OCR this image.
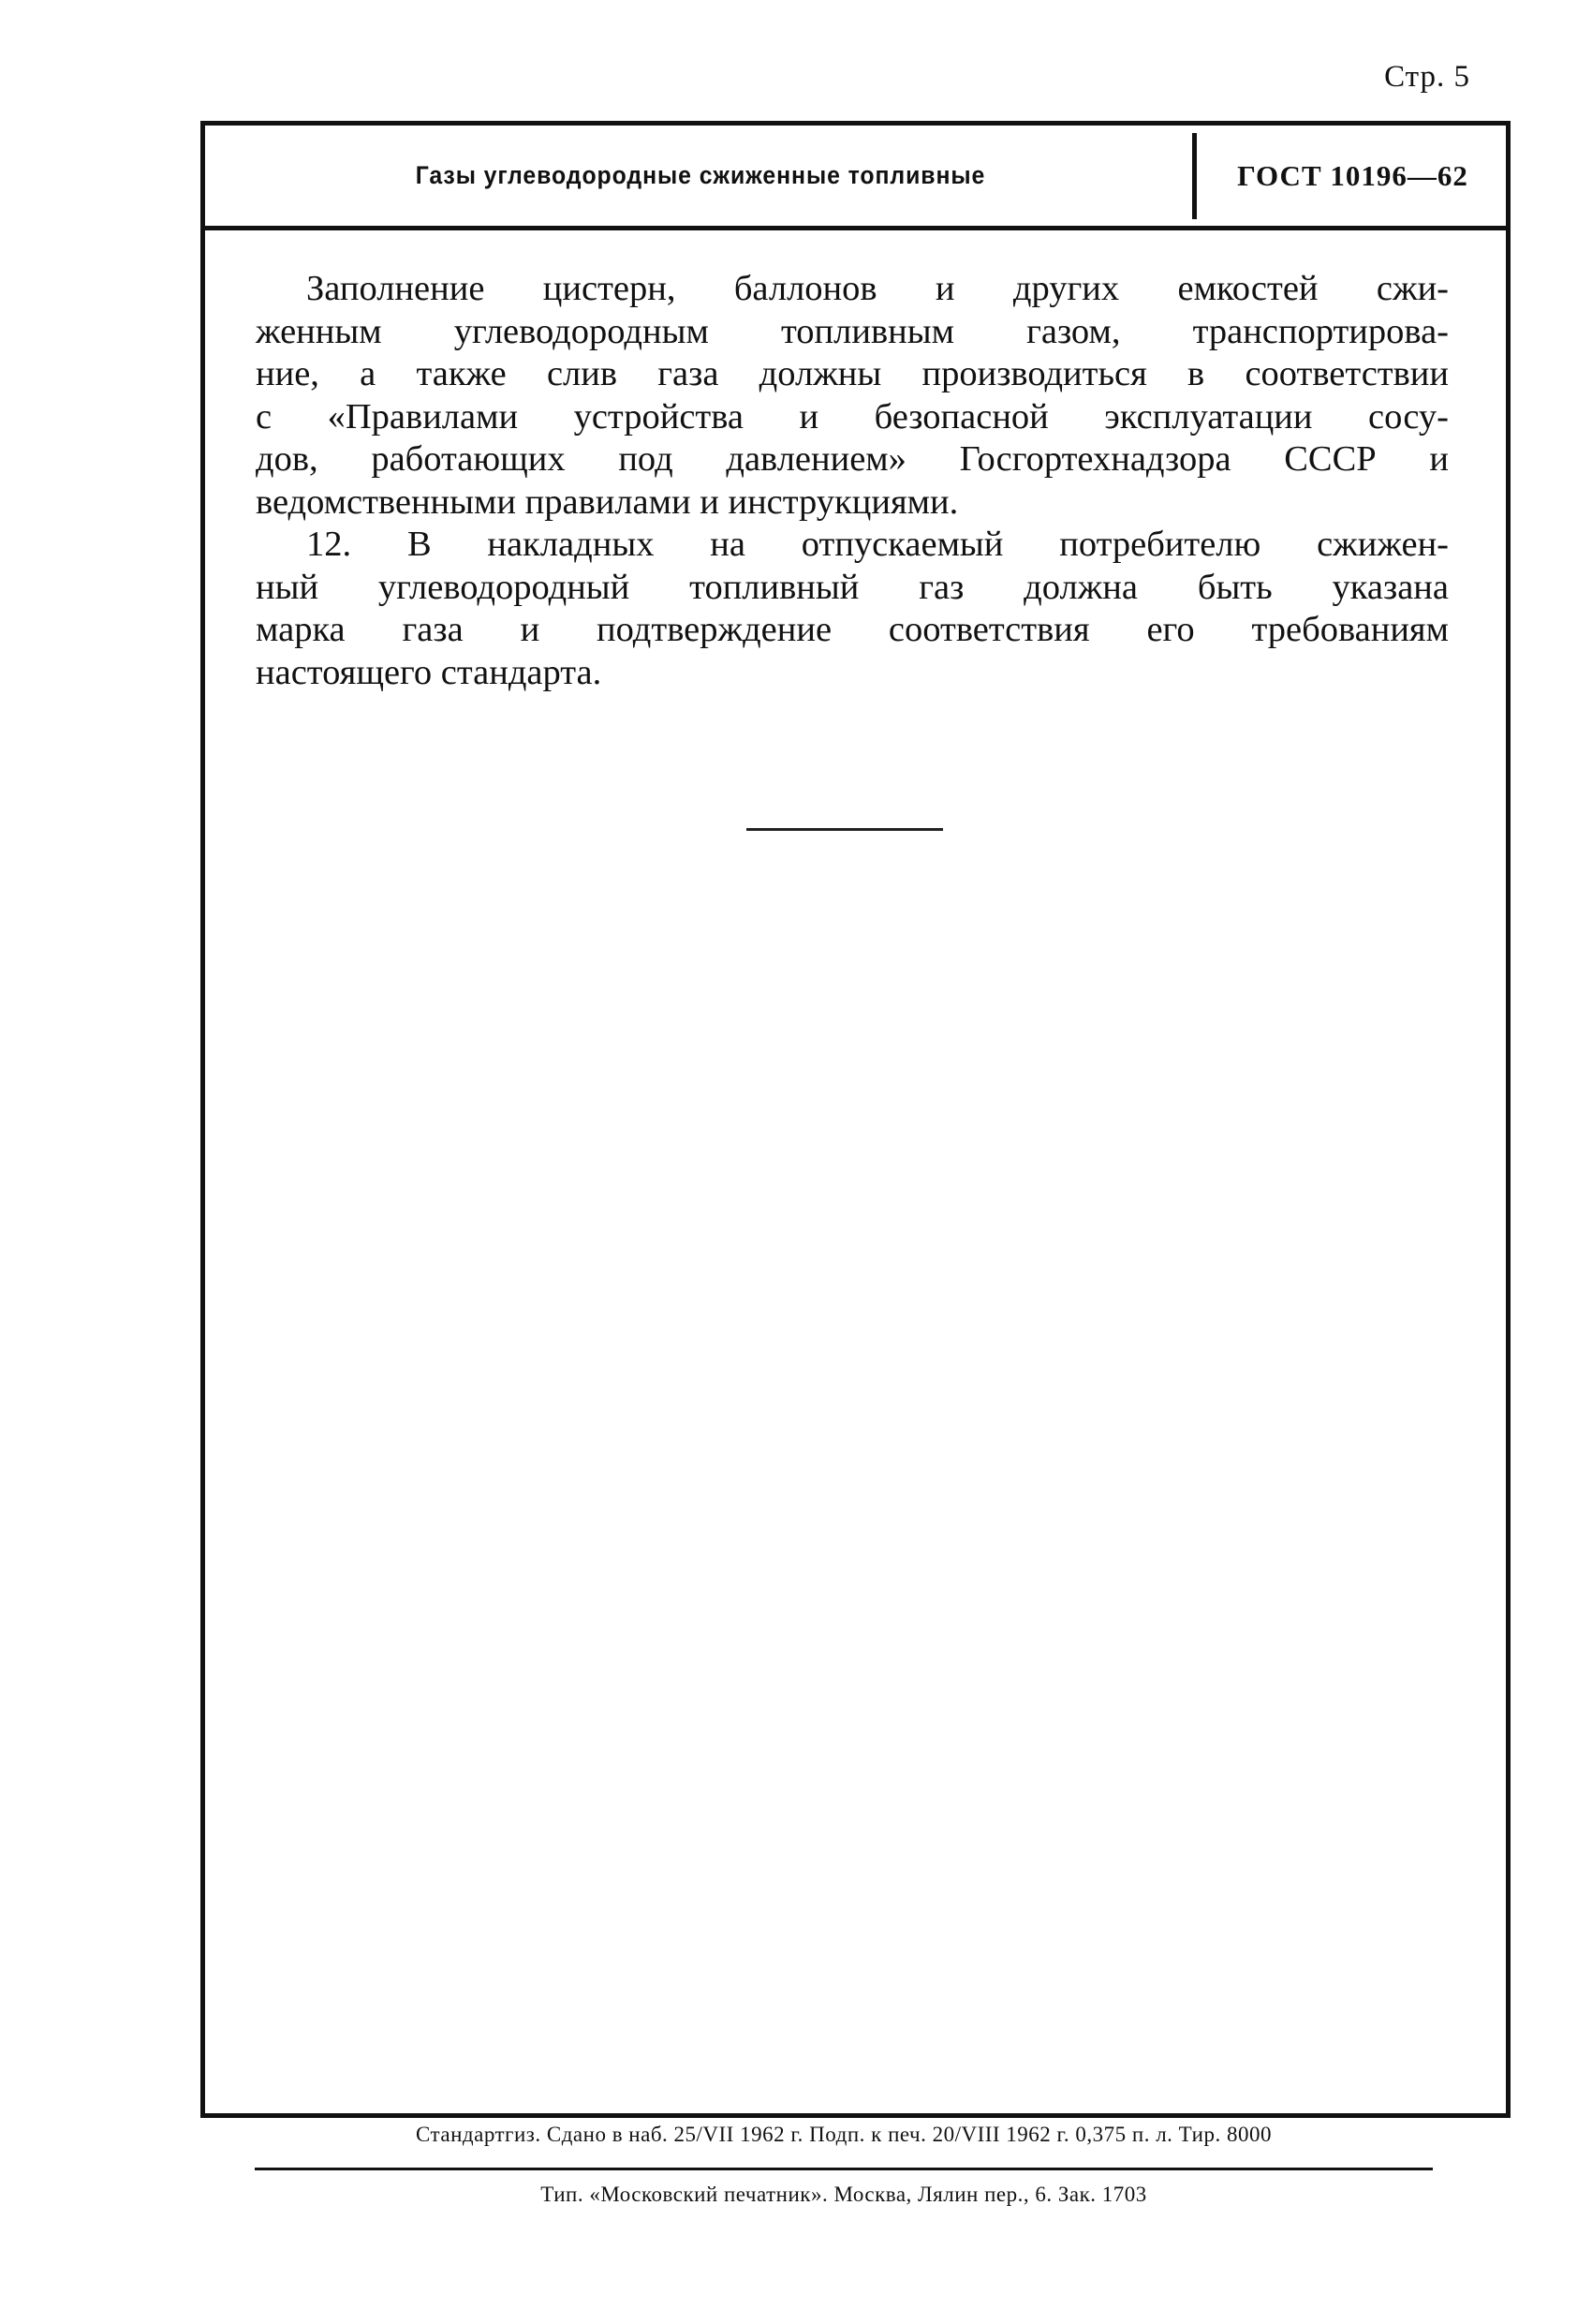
Стр. 5
Газы углеводородные сжиженные топливные	ГОСТ 10196—62
Заполнение цистерн, баллонов и других емкостей сжи-
женным углеводородным топливным газом, транспортирова-
ние, а также слив газа должны производиться в соответствии
с «Правилами устройства и безопасной эксплуатации сосу-
дов, работающих под давлением» Госгортехнадзора СССР и
ведомственными правилами и инструкциями.
12. В накладных на отпускаемый потребителю сжижен-
ный углеводородный топливный газ должна быть указана
марка газа и подтверждение соответствия его требованиям
настоящего стандарта.
Стандартгиз. Сдано в наб. 25/VII 1962 г. Подп. к печ. 20/VIII 1962 г. 0,375 п. л. Тир. 8000
Тип. «Московский печатник». Москва, Лялин пер., 6. Зак. 1703
